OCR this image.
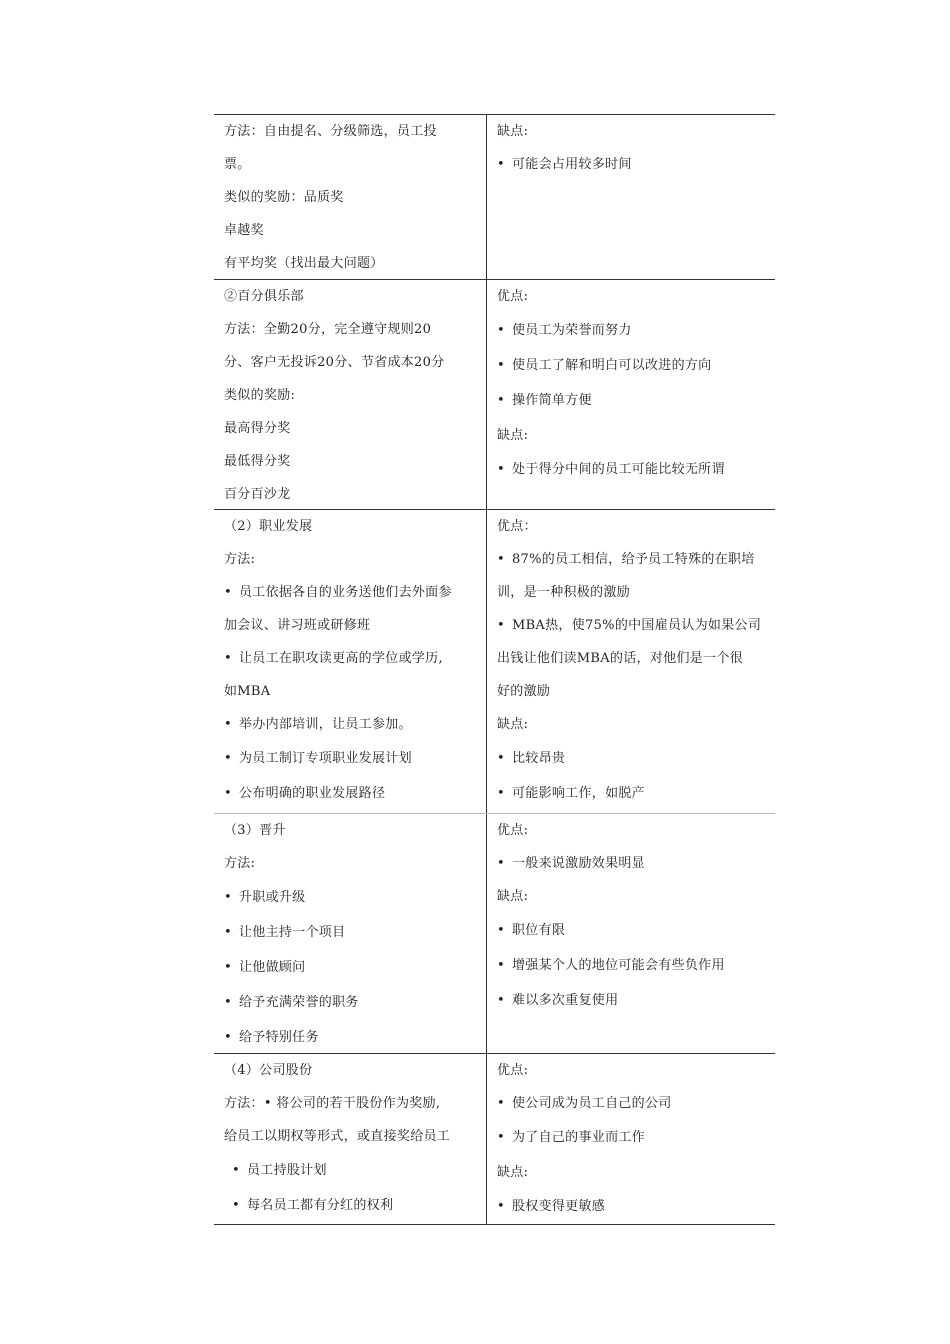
方法：自由提名、分级筛选，员工投
票。
类似的奖励：品质奖
卓越奖
有平均奖（找出最大问题）
缺点:
• 可能会占用较多时间
②百分俱乐部
方法：全勤20分，完全遵守规则20
分、客户无投诉20分、节省成本20分
类似的奖励:
最高得分奖
最低得分奖
百分百沙龙
优点:
• 使员工为荣誉而努力
• 使员工了解和明白可以改进的方向
• 操作简单方便
缺点:
• 处于得分中间的员工可能比较无所谓
（2）职业发展
方法:
• 员工依据各自的业务送他们去外面参
加会议、讲习班或研修班
• 让员工在职攻读更高的学位或学历,
如MBA
• 举办内部培训，让员工参加。
• 为员工制订专项职业发展计划
• 公布明确的职业发展路径
优点：
• 87%的员工相信，给予员工特殊的在职培
训，是一种积极的激励
• MBA热，使75%的中国雇员认为如果公司
出钱让他们读MBA的话，对他们是一个很
好的激励
缺点:
• 比较昂贵
• 可能影响工作，如脱产
（3）晋升
方法:
• 升职或升级
• 让他主持一个项目
• 让他做顾问
• 给予充满荣誉的职务
• 给予特别任务
优点:
• 一般来说激励效果明显
缺点:
• 职位有限
• 增强某个人的地位可能会有些负作用
• 难以多次重复使用
（4）公司股份
方法：• 将公司的若干股份作为奖励,
给员工以期权等形式，或直接奖给员工
• 员工持股计划
• 每名员工都有分红的权利
优点:
• 使公司成为员工自己的公司
• 为了自己的事业而工作
缺点:
• 股权变得更敏感
